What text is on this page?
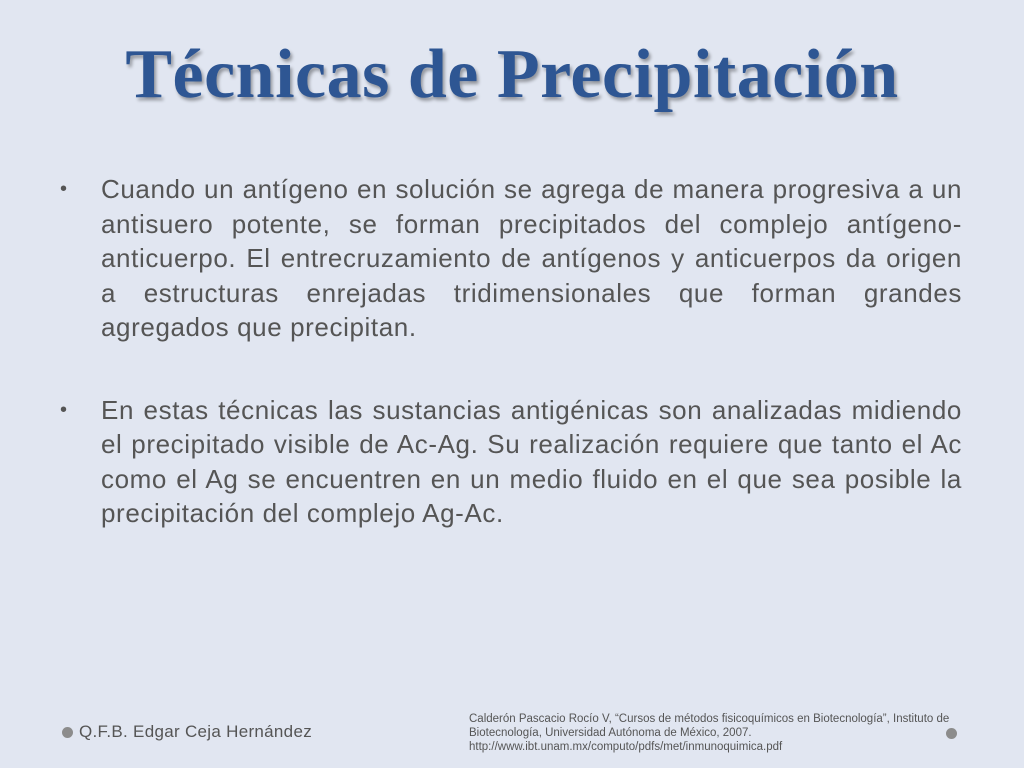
Técnicas de Precipitación
• Cuando un antígeno en solución se agrega de manera progresiva a un antisuero potente, se forman precipitados del complejo antígeno-anticuerpo. El entrecruzamiento de antígenos y anticuerpos da origen a estructuras enrejadas tridimensionales que forman grandes agregados que precipitan.
• En estas técnicas las sustancias antigénicas son analizadas midiendo el precipitado visible de Ac-Ag. Su realización requiere que tanto el Ac como el Ag se encuentren en un medio fluido en el que sea posible la precipitación del complejo Ag-Ac.
Q.F.B. Edgar Ceja Hernández
Calderón Pascacio Rocío V, “Cursos de métodos fisicoquímicos en Biotecnología”, Instituto de
Biotecnología, Universidad Autónoma de México, 2007.
http://www.ibt.unam.mx/computo/pdfs/met/inmunoquimica.pdf
